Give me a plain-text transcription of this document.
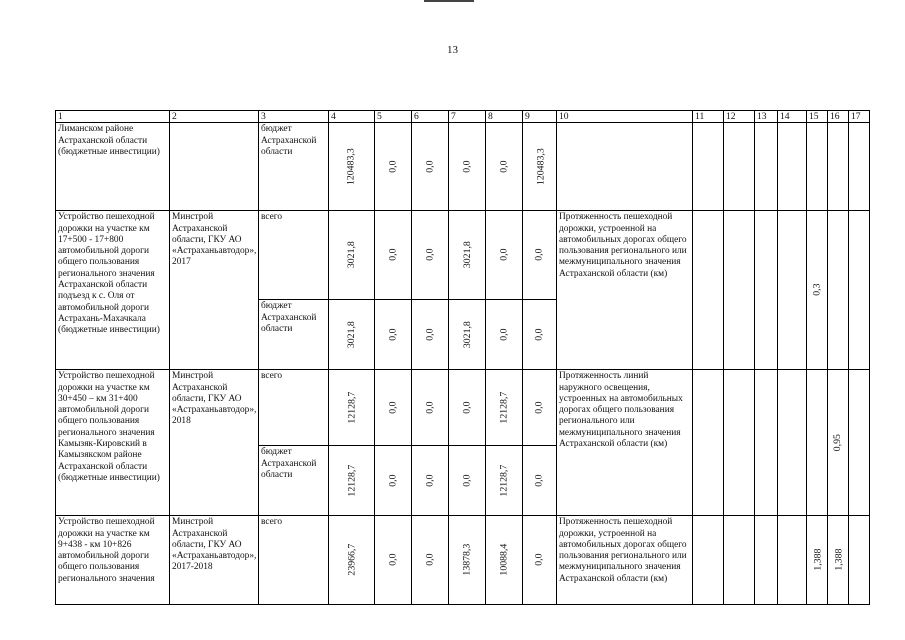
13
1	2	3	4	5	6	7	8	9	10	11	12	13	14	15	16	17
Лиманском районе Астраханской области (бюджетные инвестиции)		бюджет Астраханской области	120483,3	0,0	0,0	0,0	0,0	120483,3								
Устройство пешеходной дорожки на участке км 17+500 - 17+800 автомобильной дороги общего пользования регионального значения Астраханской области подъезд к с. Оля от автомобильной дороги Астрахань-Махачкала (бюджетные инвестиции)	Минстрой Астраханской области, ГКУ АО «Астраханьавтодор», 2017	всего	3021,8	0,0	0,0	3021,8	0,0	0,0	Протяженность пешеходной дорожки, устроенной на автомобильных дорогах общего пользования регионального или межмуниципального значения Астраханской области (км)					0,3		
		бюджет Астраханской области	3021,8	0,0	0,0	3021,8	0,0	0,0								
Устройство пешеходной дорожки на участке км 30+450 – км 31+400 автомобильной дороги общего пользования регионального значения Камызяк-Кировский в Камызякском районе Астраханской области (бюджетные инвестиции)	Минстрой Астраханской области, ГКУ АО «Астраханьавтодор», 2018	всего	12128,7	0,0	0,0	0,0	12128,7	0,0	Протяженность линий наружного освещения, устроенных на автомобильных дорогах общего пользования регионального или межмуниципального значения Астраханской области (км)						0,95	
		бюджет Астраханской области	12128,7	0,0	0,0	0,0	12128,7	0,0								
Устройство пешеходной дорожки на участке км 9+438 - км 10+826 автомобильной дороги общего пользования регионального значения	Минстрой Астраханской области, ГКУ АО «Астраханьавтодор», 2017-2018	всего	23966,7	0,0	0,0	13878,3	10088,4	0,0	Протяженность пешеходной дорожки, устроенной на автомобильных дорогах общего пользования регионального или межмуниципального значения Астраханской области (км)					1,388	1,388	
